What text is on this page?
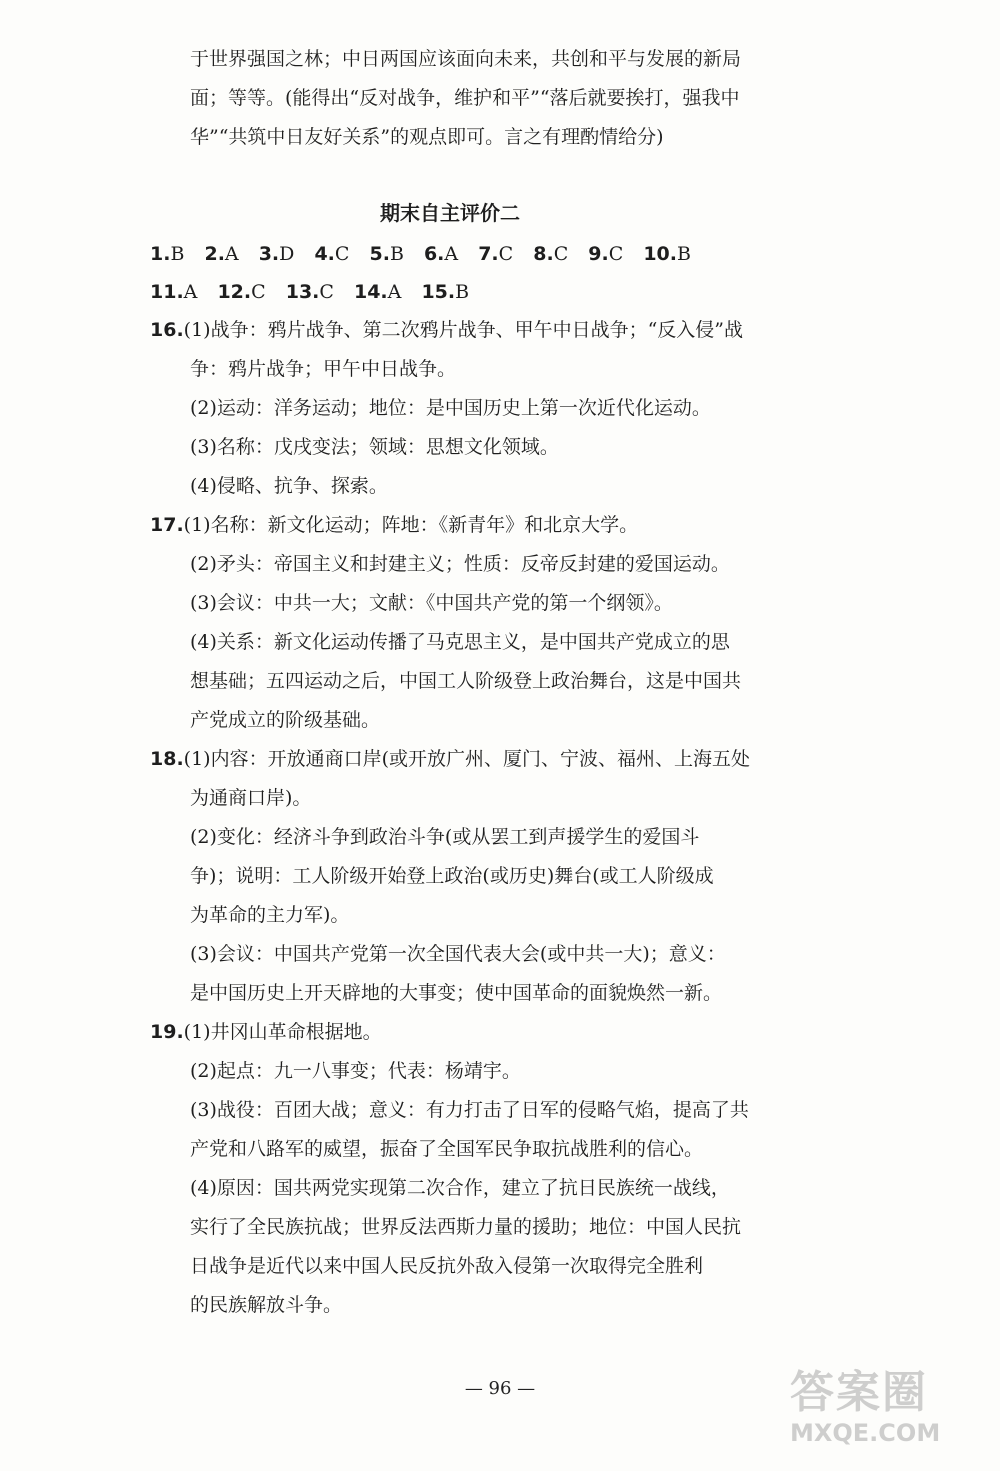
于世界强国之林；中日两国应该面向未来，共创和平与发展的新局
面；等等。(能得出“反对战争，维护和平”“落后就要挨打，强我中
华”“共筑中日友好关系”的观点即可。言之有理酌情给分)
期末自主评价二
1.B 2.A 3.D 4.C 5.B 6.A 7.C 8.C 9.C 10.B
11.A 12.C 13.C 14.A 15.B
16.(1)战争：鸦片战争、第二次鸦片战争、甲午中日战争；“反入侵”战
争：鸦片战争；甲午中日战争。
(2)运动：洋务运动；地位：是中国历史上第一次近代化运动。
(3)名称：戊戌变法；领域：思想文化领域。
(4)侵略、抗争、探索。
17.(1)名称：新文化运动；阵地：《新青年》和北京大学。
(2)矛头：帝国主义和封建主义；性质：反帝反封建的爱国运动。
(3)会议：中共一大；文献：《中国共产党的第一个纲领》。
(4)关系：新文化运动传播了马克思主义，是中国共产党成立的思
想基础；五四运动之后，中国工人阶级登上政治舞台，这是中国共
产党成立的阶级基础。
18.(1)内容：开放通商口岸(或开放广州、厦门、宁波、福州、上海五处
为通商口岸)。
(2)变化：经济斗争到政治斗争(或从罢工到声援学生的爱国斗
争)；说明：工人阶级开始登上政治(或历史)舞台(或工人阶级成
为革命的主力军)。
(3)会议：中国共产党第一次全国代表大会(或中共一大)；意义：
是中国历史上开天辟地的大事变；使中国革命的面貌焕然一新。
19.(1)井冈山革命根据地。
(2)起点：九一八事变；代表：杨靖宇。
(3)战役：百团大战；意义：有力打击了日军的侵略气焰，提高了共
产党和八路军的威望，振奋了全国军民争取抗战胜利的信心。
(4)原因：国共两党实现第二次合作，建立了抗日民族统一战线，
实行了全民族抗战；世界反法西斯力量的援助；地位：中国人民抗
日战争是近代以来中国人民反抗外敌入侵第一次取得完全胜利
的民族解放斗争。
— 96 —	答案圈
MXQE.COM
